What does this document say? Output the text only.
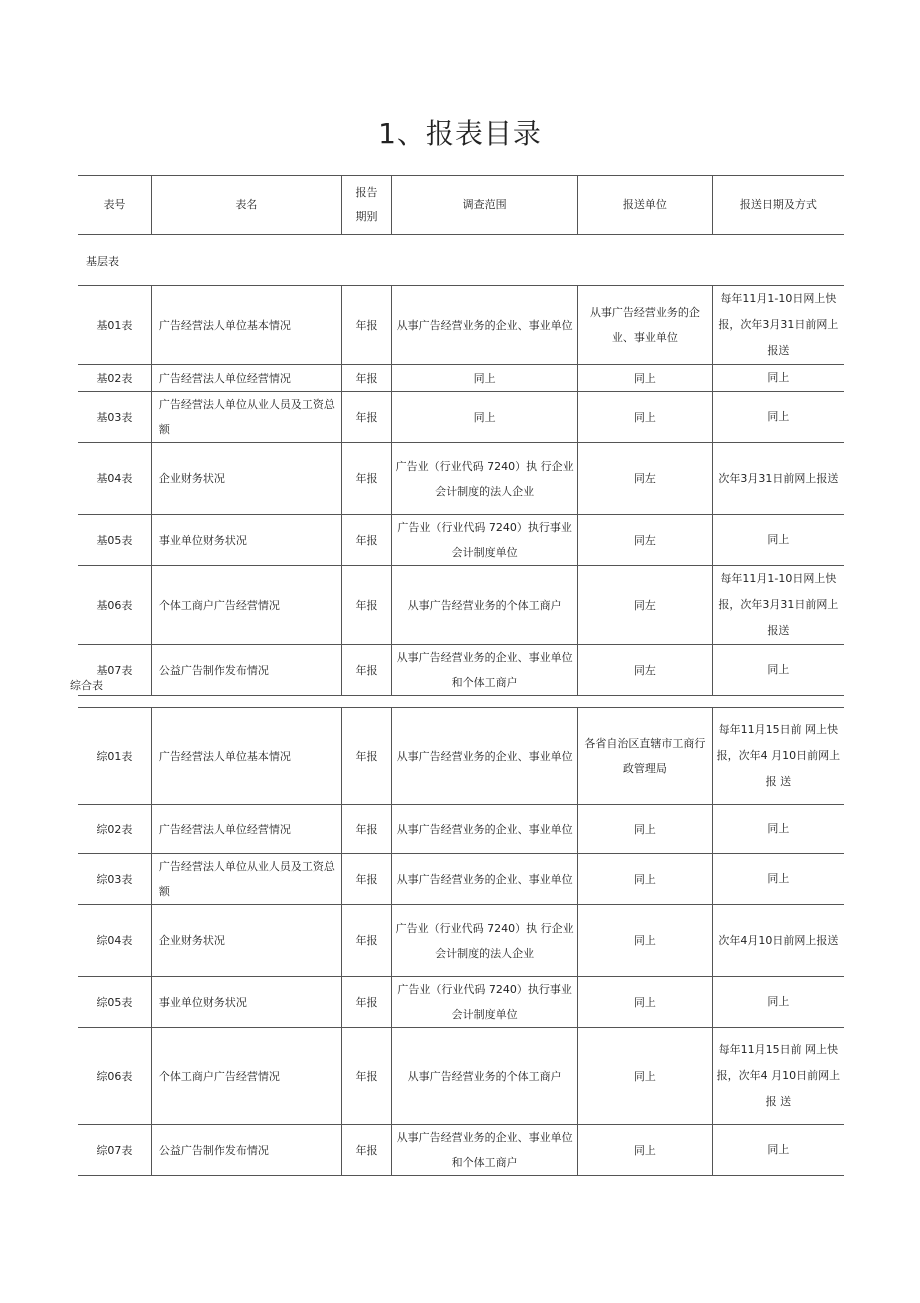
1、报表目录
表号	表名	报告期别	调查范围	报送单位	报送日期及方式
基层表
基01表	广告经营法人单位基本情况	年报	从事广告经营业务的企业、事业单位	从事广告经营业务的企业、事业单位	每年11月1-10日网上快报，次年3月31日前网上报送
基02表	广告经营法人单位经营情况	年报	同上	同上	同上
基03表	广告经营法人单位从业人员及工资总额	年报	同上	同上	同上
基04表	企业财务状况	年报	广告业（行业代码 7240）执 行企业会计制度的法人企业	同左	次年3月31日前网上报送
基05表	事业单位财务状况	年报	广告业（行业代码 7240）执行事业会计制度单位	同左	同上
基06表	个体工商户广告经营情况	年报	从事广告经营业务的个体工商户	同左	每年11月1-10日网上快报，次年3月31日前网上报送
基07表	公益广告制作发布情况	年报	从事广告经营业务的企业、事业单位和个体工商户	同左	同上
综合表
综01表	广告经营法人单位基本情况	年报	从事广告经营业务的企业、事业单位	各省自治区直辖市工商行政管理局	每年11月15日前 网上快报，次年4 月10日前网上报 送
综02表	广告经营法人单位经营情况	年报	从事广告经营业务的企业、事业单位	同上	同上
综03表	广告经营法人单位从业人员及工资总额	年报	从事广告经营业务的企业、事业单位	同上	同上
综04表	企业财务状况	年报	广告业（行业代码 7240）执 行企业会计制度的法人企业	同上	次年4月10日前网上报送
综05表	事业单位财务状况	年报	广告业（行业代码 7240）执行事业会计制度单位	同上	同上
综06表	个体工商户广告经营情况	年报	从事广告经营业务的个体工商户	同上	每年11月15日前 网上快报，次年4 月10日前网上报 送
综07表	公益广告制作发布情况	年报	从事广告经营业务的企业、事业单位和个体工商户	同上	同上
